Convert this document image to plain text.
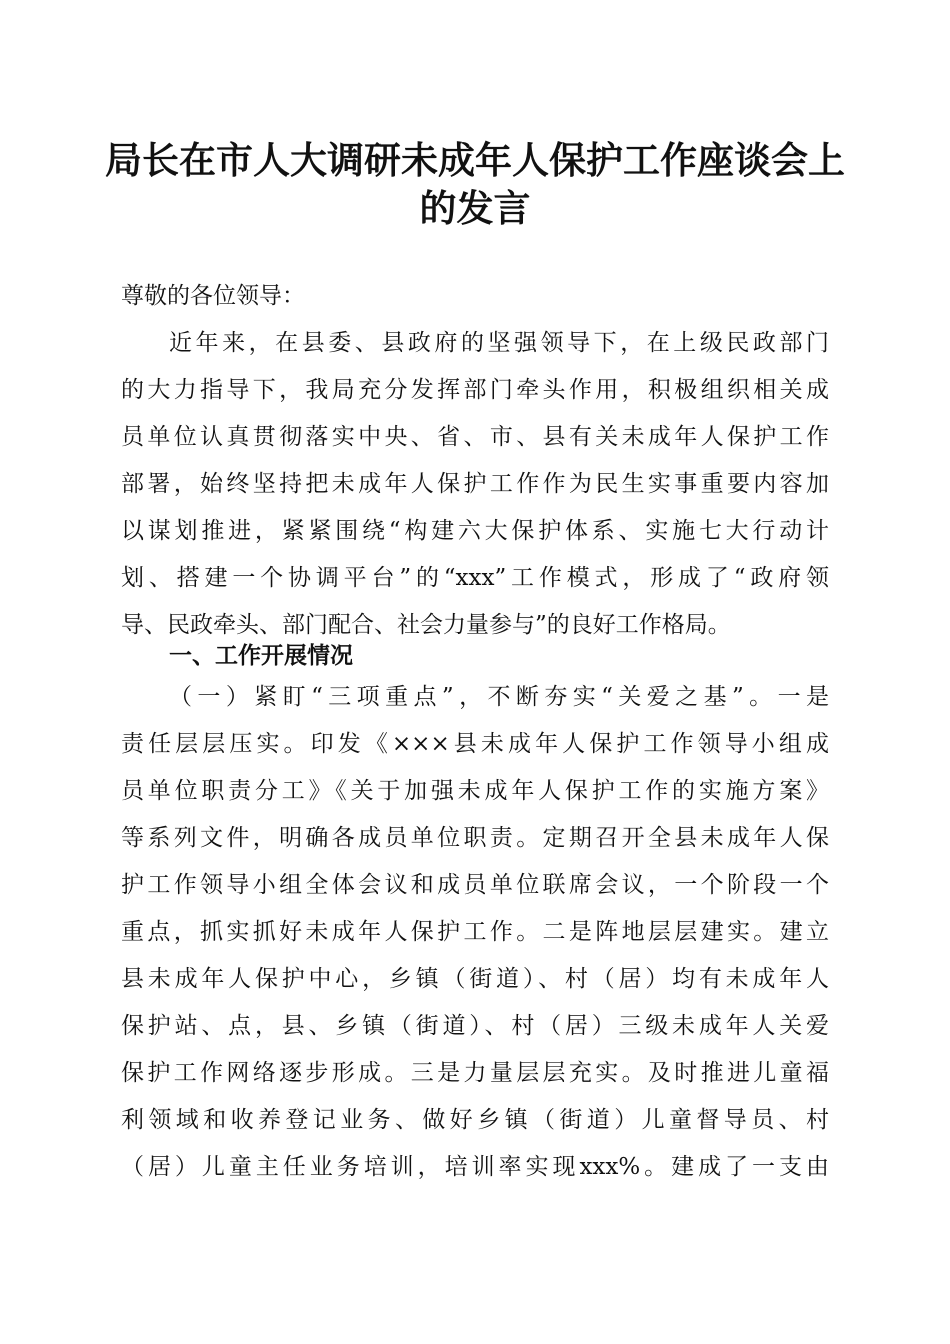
局长在市人大调研未成年人保护工作座谈会上
的发言
尊敬的各位领导：
近年来，在县委、县政府的坚强领导下，在上级民政部门
的大力指导下，我局充分发挥部门牵头作用，积极组织相关成
员单位认真贯彻落实中央、省、市、县有关未成年人保护工作
部署，始终坚持把未成年人保护工作作为民生实事重要内容加
以谋划推进，紧紧围绕“构建六大保护体系、实施七大行动计
划、搭建一个协调平台”的“xxx”工作模式，形成了“政府领
导、民政牵头、部门配合、社会力量参与”的良好工作格局。
一、工作开展情况
（一）紧盯“三项重点”，不断夯实“关爱之基”。一是
责任层层压实。印发《×××县未成年人保护工作领导小组成
员单位职责分工》《关于加强未成年人保护工作的实施方案》
等系列文件，明确各成员单位职责。定期召开全县未成年人保
护工作领导小组全体会议和成员单位联席会议，一个阶段一个
重点，抓实抓好未成年人保护工作。二是阵地层层建实。建立
县未成年人保护中心，乡镇（街道）、村（居）均有未成年人
保护站、点，县、乡镇（街道）、村（居）三级未成年人关爱
保护工作网络逐步形成。三是力量层层充实。及时推进儿童福
利领域和收养登记业务、做好乡镇（街道）儿童督导员、村
（居）儿童主任业务培训，培训率实现xxx%。建成了一支由
